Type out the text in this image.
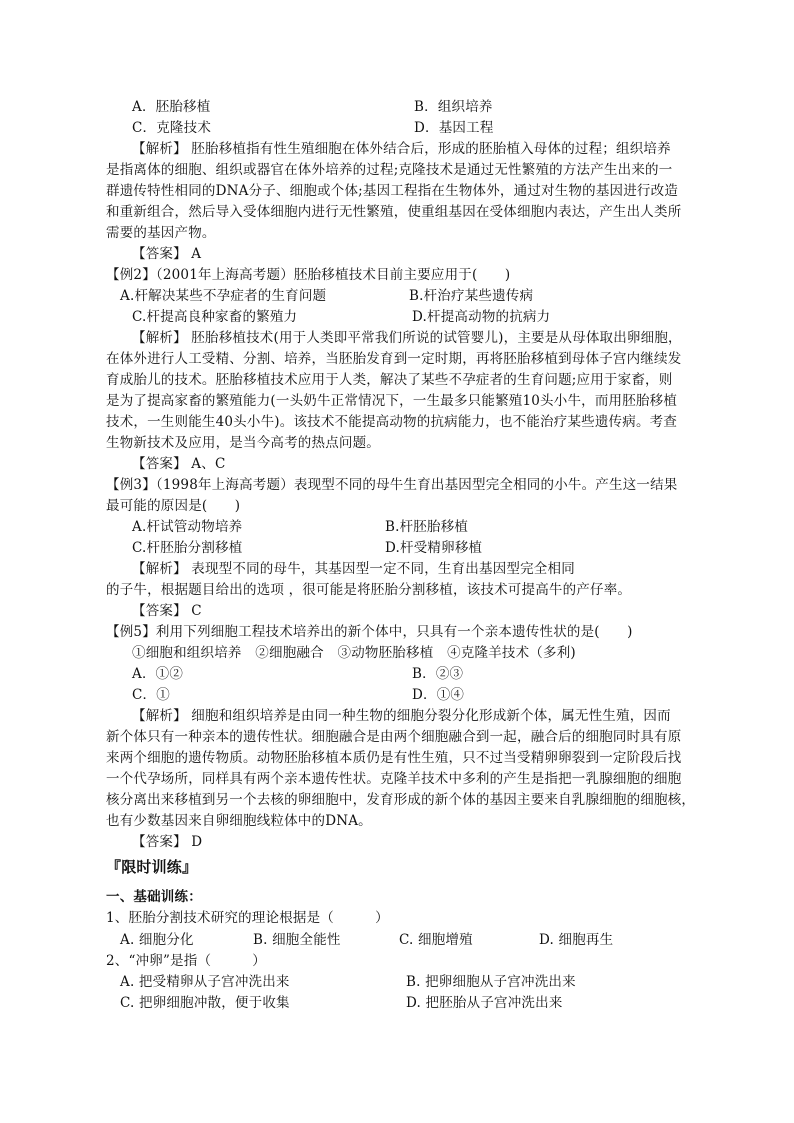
A．胚胎移植	B．组织培养
C．克隆技术	D．基因工程
【解析】 胚胎移植指有性生殖细胞在体外结合后，形成的胚胎植入母体的过程；组织培养
是指离体的细胞、组织或器官在体外培养的过程;克隆技术是通过无性繁殖的方法产生出来的一
群遗传特性相同的DNA分子、细胞或个体;基因工程指在生物体外，通过对生物的基因进行改造
和重新组合，然后导入受体细胞内进行无性繁殖，使重组基因在受体细胞内表达，产生出人类所
需要的基因产物。
【答案】 A
【例2】（2001年上海高考题）胚胎移植技术目前主要应用于(　　)
A.杆解决某些不孕症者的生育问题	B.杆治疗某些遗传病
C.杆提高良种家畜的繁殖力	D.杆提高动物的抗病力
【解析】 胚胎移植技术(用于人类即平常我们所说的试管婴儿)，主要是从母体取出卵细胞，
在体外进行人工受精、分割、培养，当胚胎发育到一定时期，再将胚胎移植到母体子宫内继续发
育成胎儿的技术。胚胎移植技术应用于人类，解决了某些不孕症者的生育问题;应用于家畜，则
是为了提高家畜的繁殖能力(一头奶牛正常情况下，一生最多只能繁殖10头小牛，而用胚胎移植
技术，一生则能生40头小牛)。该技术不能提高动物的抗病能力，也不能治疗某些遗传病。考查
生物新技术及应用，是当今高考的热点问题。
【答案】 A、C
【例3】（1998年上海高考题）表现型不同的母牛生育出基因型完全相同的小牛。产生这一结果
最可能的原因是(　　)
A.杆试管动物培养	B.杆胚胎移植
C.杆胚胎分割移植	D.杆受精卵移植
【解析】 表现型不同的母牛，其基因型一定不同，生育出基因型完全相同
的子牛，根据题目给出的选项 ，很可能是将胚胎分割移植，该技术可提高牛的产仔率。
【答案】 C
【例5】利用下列细胞工程技术培养出的新个体中，只具有一个亲本遗传性状的是(　　)
①细胞和组织培养　②细胞融合　③动物胚胎移植　④克隆羊技术（多利)
A．①②	B．②③
C．①	D．①④
【解析】 细胞和组织培养是由同一种生物的细胞分裂分化形成新个体，属无性生殖，因而
新个体只有一种亲本的遗传性状。细胞融合是由两个细胞融合到一起，融合后的细胞同时具有原
来两个细胞的遗传物质。动物胚胎移植本质仍是有性生殖，只不过当受精卵卵裂到一定阶段后找
一个代孕场所，同样具有两个亲本遗传性状。克隆羊技术中多利的产生是指把一乳腺细胞的细胞
核分离出来移植到另一个去核的卵细胞中，发育形成的新个体的基因主要来自乳腺细胞的细胞核，
也有少数基因来自卵细胞线粒体中的DNA。
【答案】 D
『限时训练』
一、基础训练：
1、胚胎分割技术研究的理论根据是（　　　）
A. 细胞分化	B. 细胞全能性	C. 细胞增殖	D. 细胞再生
2、“冲卵”是指（　　　）
A. 把受精卵从子宫冲洗出来	B. 把卵细胞从子宫冲洗出来
C. 把卵细胞冲散，便于收集	D. 把胚胎从子宫冲洗出来
